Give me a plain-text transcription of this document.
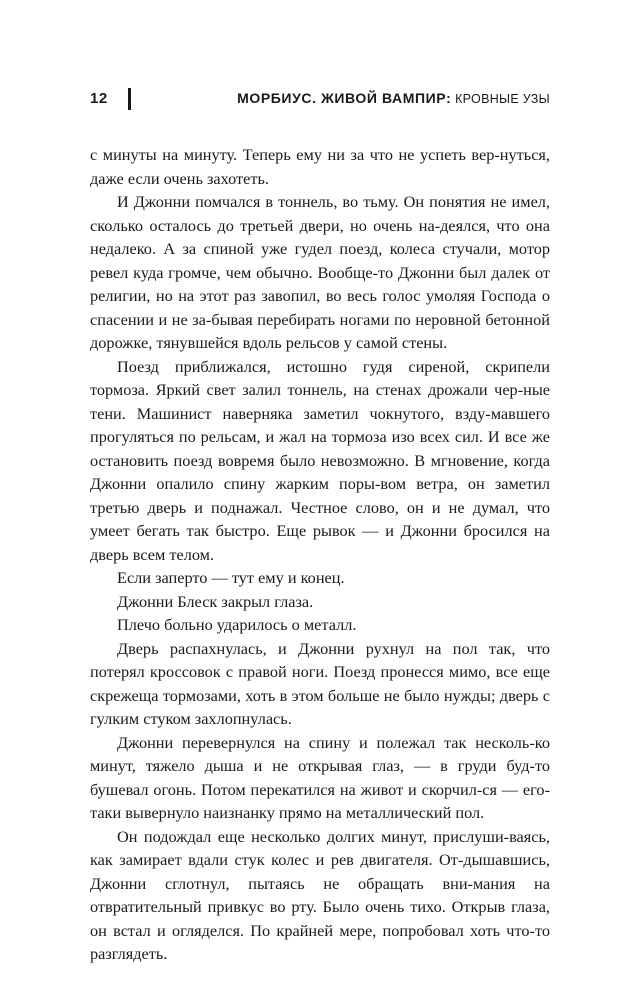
12	МОРБИУС. ЖИВОЙ ВАМПИР: КРОВНЫЕ УЗЫ

с минуты на минуту. Теперь ему ни за что не успеть вер-нуться, даже если очень захотеть.

И Джонни помчался в тоннель, во тьму. Он понятия не имел, сколько осталось до третьей двери, но очень на-деялся, что она недалеко. А за спиной уже гудел поезд, колеса стучали, мотор ревел куда громче, чем обычно. Вообще-то Джонни был далек от религии, но на этот раз завопил, во весь голос умоляя Господа о спасении и не за-бывая перебирать ногами по неровной бетонной дорожке, тянувшейся вдоль рельсов у самой стены.

Поезд приближался, истошно гудя сиреной, скрипели тормоза. Яркий свет залил тоннель, на стенах дрожали чер-ные тени. Машинист наверняка заметил чокнутого, взду-мавшего прогуляться по рельсам, и жал на тормоза изо всех сил. И все же остановить поезд вовремя было невозможно. В мгновение, когда Джонни опалило спину жарким поры-вом ветра, он заметил третью дверь и поднажал. Честное слово, он и не думал, что умеет бегать так быстро. Еще рывок — и Джонни бросился на дверь всем телом.

Если заперто — тут ему и конец.

Джонни Блеск закрыл глаза.

Плечо больно ударилось о металл.

Дверь распахнулась, и Джонни рухнул на пол так, что потерял кроссовок с правой ноги. Поезд пронесся мимо, все еще скрежеща тормозами, хоть в этом больше не было нужды; дверь с гулким стуком захлопнулась.

Джонни перевернулся на спину и полежал так несколь-ко минут, тяжело дыша и не открывая глаз, — в груди буд-то бушевал огонь. Потом перекатился на живот и скорчил-ся — его-таки вывернуло наизнанку прямо на металлический пол.

Он подождал еще несколько долгих минут, прислуши-ваясь, как замирает вдали стук колес и рев двигателя. От-дышавшись, Джонни сглотнул, пытаясь не обращать вни-мания на отвратительный привкус во рту. Было очень тихо. Открыв глаза, он встал и огляделся. По крайней мере, попробовал хоть что-то разглядеть.
